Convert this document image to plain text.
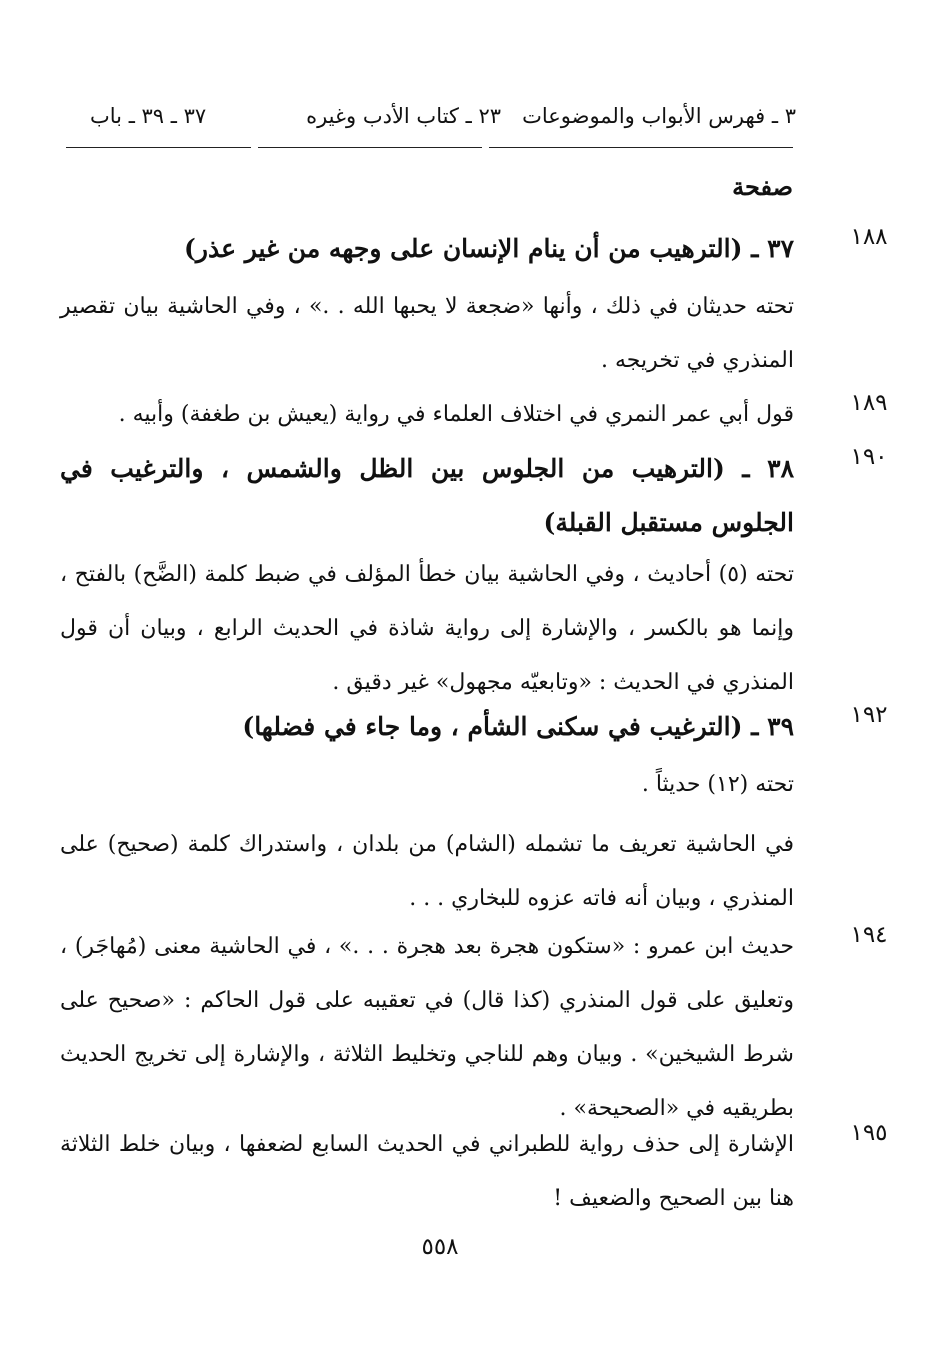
٣ ـ فهرس الأبواب والموضوعات
٢٣ ـ كتاب الأدب وغيره
٣٧ ـ ٣٩ ـ باب
صفحة
١٨٨
٣٧ ـ (الترهيب من أن ينام الإنسان على وجهه من غير عذر)
تحته حديثان في ذلك ، وأنها «ضجعة لا يحبها الله . .» ، وفي الحاشية بيان تقصير المنذري في تخريجه .
١٨٩
قول أبي عمر النمري في اختلاف العلماء في رواية (يعيش بن طغفة) وأبيه .
١٩٠
٣٨ ـ (الترهيب من الجلوس بين الظل والشمس ، والترغيب في الجلوس مستقبل القبلة)
تحته (٥) أحاديث ، وفي الحاشية بيان خطأ المؤلف في ضبط كلمة (الضَّح) بالفتح ، وإنما هو بالكسر ، والإشارة إلى رواية شاذة في الحديث الرابع ، وبيان أن قول المنذري في الحديث : «وتابعيّه مجهول» غير دقيق .
١٩٢
٣٩ ـ (الترغيب في سكنى الشأم ، وما جاء في فضلها)
تحته (١٢) حديثاً .
في الحاشية تعريف ما تشمله (الشام) من بلدان ، واستدراك كلمة (صحيح) على المنذري ، وبيان أنه فاته عزوه للبخاري . . .
١٩٤
حديث ابن عمرو : «ستكون هجرة بعد هجرة . . .» ، في الحاشية معنى (مُهاجَر) ، وتعليق على قول المنذري (كذا قال) في تعقيبه على قول الحاكم : «صحيح على شرط الشيخين» . وبيان وهم للناجي وتخليط الثلاثة ، والإشارة إلى تخريج الحديث بطريقيه في «الصحيحة» .
١٩٥
الإشارة إلى حذف رواية للطبراني في الحديث السابع لضعفها ، وبيان خلط الثلاثة هنا بين الصحيح والضعيف !
٥٥٨
